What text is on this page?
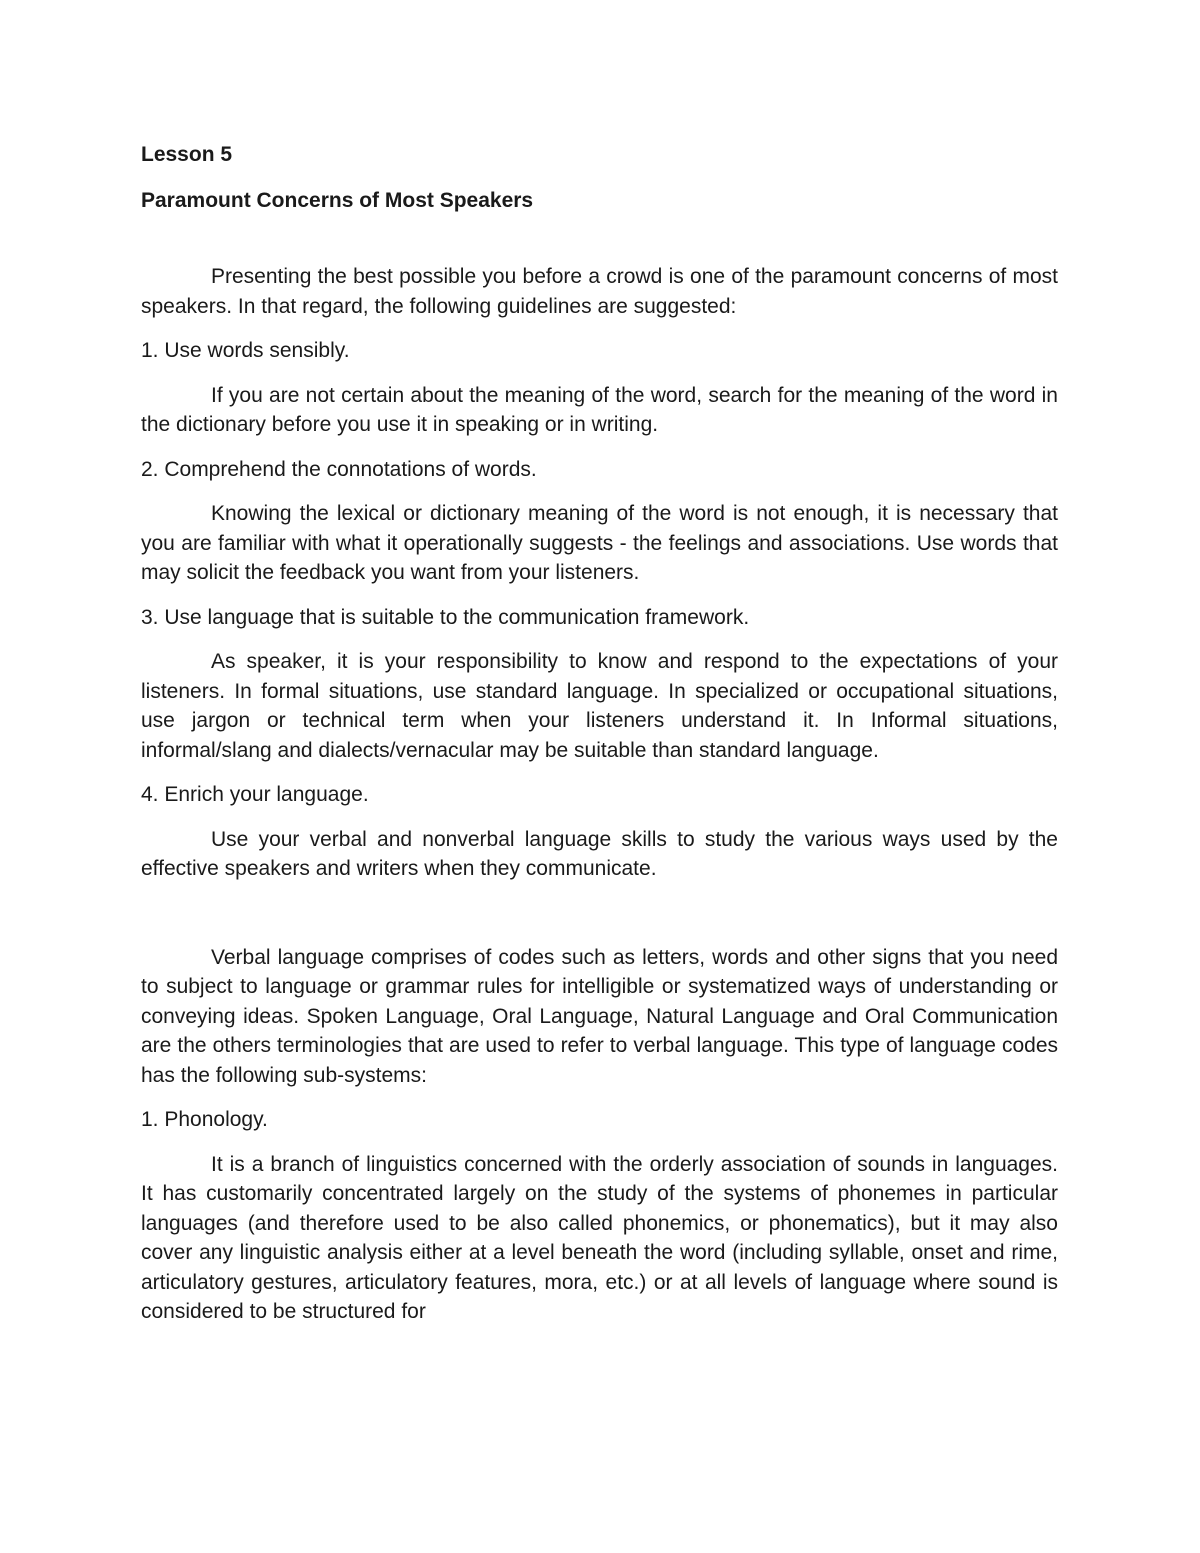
Lesson 5
Paramount Concerns of Most Speakers

Presenting the best possible you before a crowd is one of the paramount concerns of most speakers. In that regard, the following guidelines are suggested:

1. Use words sensibly.

If you are not certain about the meaning of the word, search for the meaning of the word in the dictionary before you use it in speaking or in writing.

2. Comprehend the connotations of words.

Knowing the lexical or dictionary meaning of the word is not enough, it is necessary that you are familiar with what it operationally suggests - the feelings and associations. Use words that may solicit the feedback you want from your listeners.

3. Use language that is suitable to the communication framework.

As speaker, it is your responsibility to know and respond to the expectations of your listeners. In formal situations, use standard language. In specialized or occupational situations, use jargon or technical term when your listeners understand it. In Informal situations, informal/slang and dialects/vernacular may be suitable than standard language.

4. Enrich your language.

Use your verbal and nonverbal language skills to study the various ways used by the effective speakers and writers when they communicate.

Verbal language comprises of codes such as letters, words and other signs that you need to subject to language or grammar rules for intelligible or systematized ways of understanding or conveying ideas. Spoken Language, Oral Language, Natural Language and Oral Communication are the others terminologies that are used to refer to verbal language. This type of language codes has the following sub-systems:

1. Phonology.

It is a branch of linguistics concerned with the orderly association of sounds in languages. It has customarily concentrated largely on the study of the systems of phonemes in particular languages (and therefore used to be also called phonemics, or phonematics), but it may also cover any linguistic analysis either at a level beneath the word (including syllable, onset and rime, articulatory gestures, articulatory features, mora, etc.) or at all levels of language where sound is considered to be structured for
